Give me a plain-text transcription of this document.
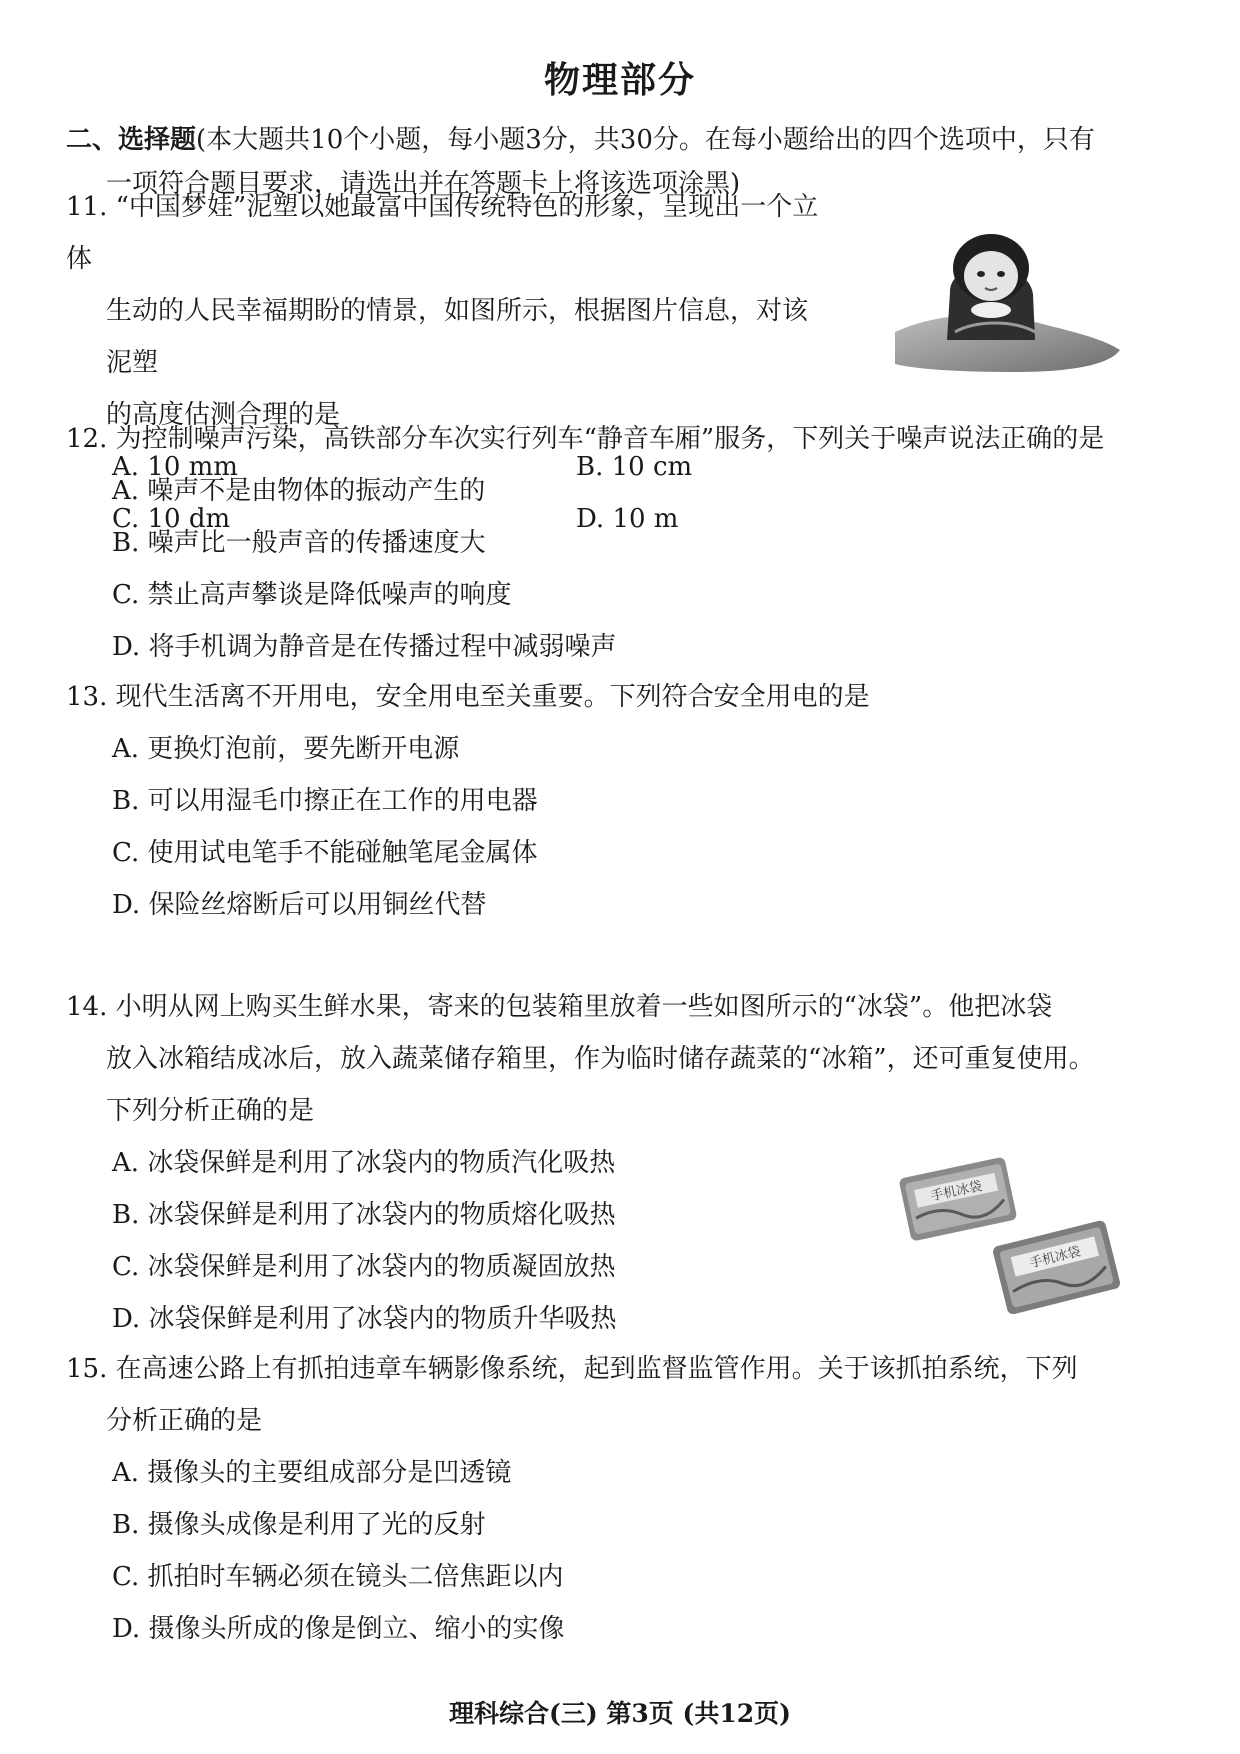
物理部分
二、选择题(本大题共10个小题，每小题3分，共30分。在每小题给出的四个选项中，只有
一项符合题目要求，请选出并在答题卡上将该选项涂黑)
11. “中国梦娃”泥塑以她最富中国传统特色的形象，呈现出一个立体
生动的人民幸福期盼的情景，如图所示，根据图片信息，对该泥塑
的高度估测合理的是
A. 10 mm	B. 10 cm
C. 10 dm	D. 10 m
12. 为控制噪声污染，高铁部分车次实行列车“静音车厢”服务，下列关于噪声说法正确的是
A. 噪声不是由物体的振动产生的
B. 噪声比一般声音的传播速度大
C. 禁止高声攀谈是降低噪声的响度
D. 将手机调为静音是在传播过程中减弱噪声
13. 现代生活离不开用电，安全用电至关重要。下列符合安全用电的是
A. 更换灯泡前，要先断开电源
B. 可以用湿毛巾擦正在工作的用电器
C. 使用试电笔手不能碰触笔尾金属体
D. 保险丝熔断后可以用铜丝代替
14. 小明从网上购买生鲜水果，寄来的包装箱里放着一些如图所示的“冰袋”。他把冰袋
放入冰箱结成冰后，放入蔬菜储存箱里，作为临时储存蔬菜的“冰箱”，还可重复使用。
下列分析正确的是
A. 冰袋保鲜是利用了冰袋内的物质汽化吸热
B. 冰袋保鲜是利用了冰袋内的物质熔化吸热
C. 冰袋保鲜是利用了冰袋内的物质凝固放热
D. 冰袋保鲜是利用了冰袋内的物质升华吸热
手机冰袋
手机冰袋
15. 在高速公路上有抓拍违章车辆影像系统，起到监督监管作用。关于该抓拍系统，下列
分析正确的是
A. 摄像头的主要组成部分是凹透镜
B. 摄像头成像是利用了光的反射
C. 抓拍时车辆必须在镜头二倍焦距以内
D. 摄像头所成的像是倒立、缩小的实像
理科综合(三) 第3页 (共12页)
